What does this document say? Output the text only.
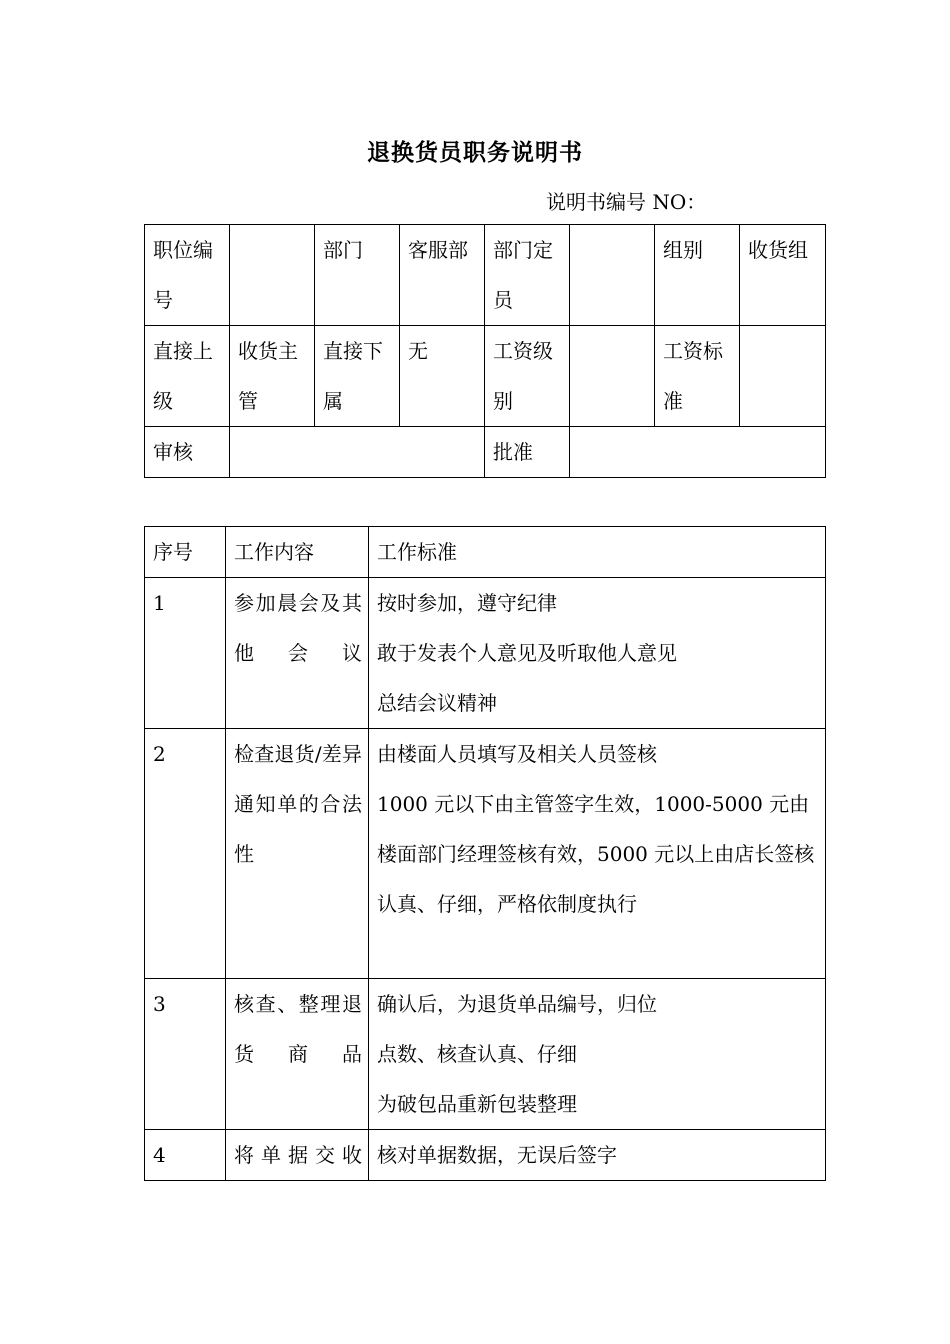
退换货员职务说明书
说明书编号 NO：
职位编号		部门	客服部	部门定员		组别	收货组
直接上级	收货主管	直接下属	无	工资级别		工资标准	
审核				批准			
序号	工作内容	工作标准
1	参加晨会及其他会议	按时参加，遵守纪律
敢于发表个人意见及听取他人意见
总结会议精神

2	检查退货/差异通知单的合法性	由楼面人员填写及相关人员签核
1000 元以下由主管签字生效，1000-5000 元由楼面部门经理签核有效，5000 元以上由店长签核
认真、仔细，严格依制度执行

3	核查、整理退货商品	确认后，为退货单品编号，归位
点数、核查认真、仔细
为破包品重新包装整理

4	将单据交收	核对单据数据，无误后签字
